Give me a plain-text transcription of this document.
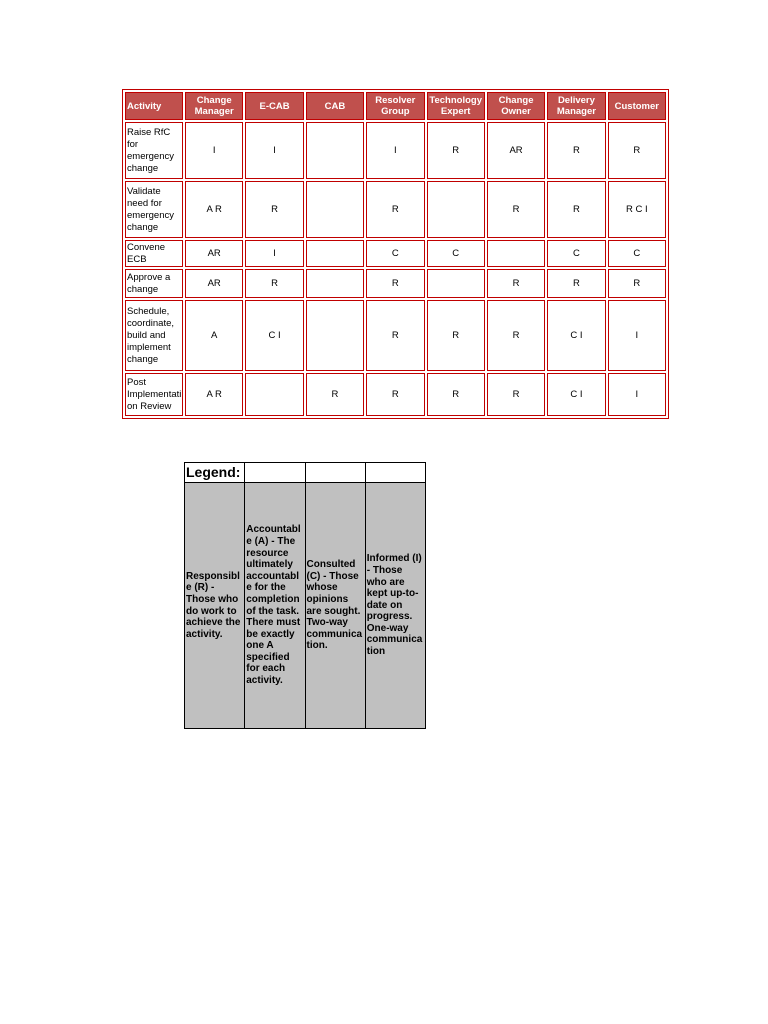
Activity	Change Manager	E-CAB	CAB	Resolver Group	Technology Expert	Change Owner	Delivery Manager	Customer
Raise RfC for emergency change	I	I		I	R	AR	R	R
Validate need for emergency change	A R	R		R		R	R	R C I
Convene ECB	AR	I		C	C		C	C
Approve a change	AR	R		R		R	R	R
Schedule, coordinate, build and implement change	A	C I		R	R	R	C I	I
Post Implementation Review	A R		R	R	R	R	C I	I
Legend:			
Responsible (R) - Those who do work to achieve the activity.	Accountable (A) - The resource ultimately accountable for the completion of the task. There must be exactly one A specified for each activity.	Consulted (C) - Those whose opinions are sought. Two-way communication.	Informed (I) - Those who are kept up-to-date on progress. One-way communication
